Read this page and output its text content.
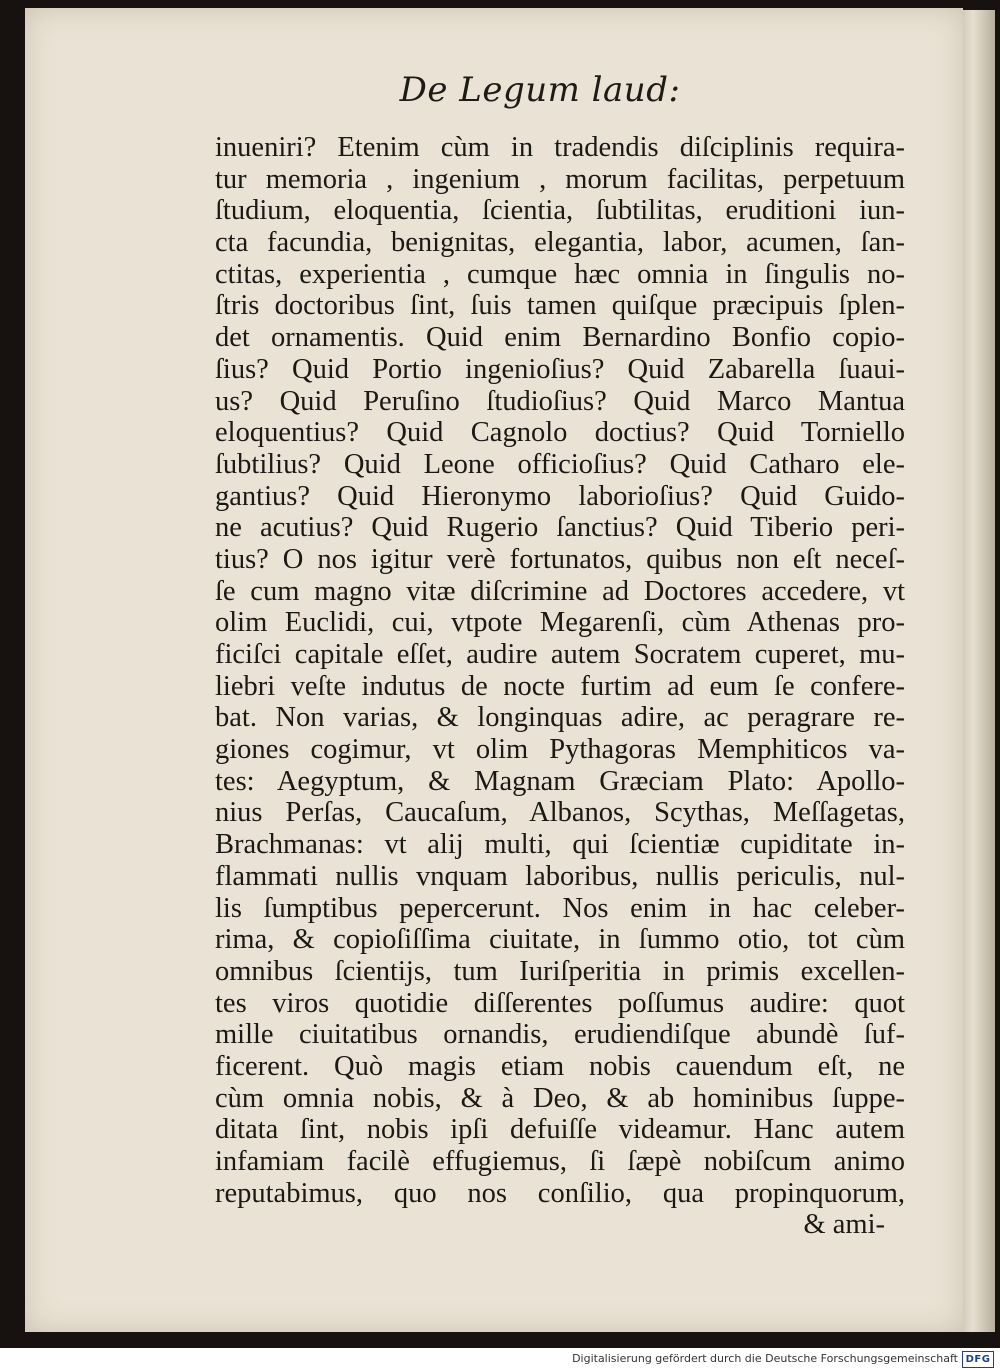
De Legum laud:
inueniri? Etenim cùm in tradendis diſciplinis requira-
tur memoria , ingenium , morum facilitas, perpetuum
ſtudium, eloquentia, ſcientia, ſubtilitas, eruditioni iun-
cta facundia, benignitas, elegantia, labor, acumen, ſan-
ctitas, experientia , cumque hæc omnia in ſingulis no-
ſtris doctoribus ſint, ſuis tamen quiſque præcipuis ſplen-
det ornamentis. Quid enim Bernardino Bonfio copio-
ſius? Quid Portio ingenioſius? Quid Zabarella ſuaui-
us? Quid Peruſino ſtudioſius? Quid Marco Mantua
eloquentius? Quid Cagnolo doctius? Quid Torniello
ſubtilius? Quid Leone officioſius? Quid Catharo ele-
gantius? Quid Hieronymo laborioſius? Quid Guido-
ne acutius? Quid Rugerio ſanctius? Quid Tiberio peri-
tius? O nos igitur verè fortunatos, quibus non eſt neceſ-
ſe cum magno vitæ diſcrimine ad Doctores accedere, vt
olim Euclidi, cui, vtpote Megarenſi, cùm Athenas pro-
ficiſci capitale eſſet, audire autem Socratem cuperet, mu-
liebri veſte indutus de nocte furtim ad eum ſe confere-
bat. Non varias, & longinquas adire, ac peragrare re-
giones cogimur, vt olim Pythagoras Memphiticos va-
tes: Aegyptum, & Magnam Græciam Plato: Apollo-
nius Perſas, Caucaſum, Albanos, Scythas, Meſſagetas,
Brachmanas: vt alij multi, qui ſcientiæ cupiditate in-
flammati nullis vnquam laboribus, nullis periculis, nul-
lis ſumptibus pepercerunt. Nos enim in hac celeber-
rima, & copioſiſſima ciuitate, in ſummo otio, tot cùm
omnibus ſcientijs, tum Iuriſperitia in primis excellen-
tes viros quotidie diſſerentes poſſumus audire: quot
mille ciuitatibus ornandis, erudiendiſque abundè ſuf-
ficerent. Quò magis etiam nobis cauendum eſt, ne
cùm omnia nobis, & à Deo, & ab hominibus ſuppe-
ditata ſint, nobis ipſi defuiſſe videamur. Hanc autem
infamiam facilè effugiemus, ſi ſæpè nobiſcum animo
reputabimus, quo nos conſilio, qua propinquorum,
& ami-
Digitalisierung gefördert durch die Deutsche Forschungsgemeinschaft DFG
